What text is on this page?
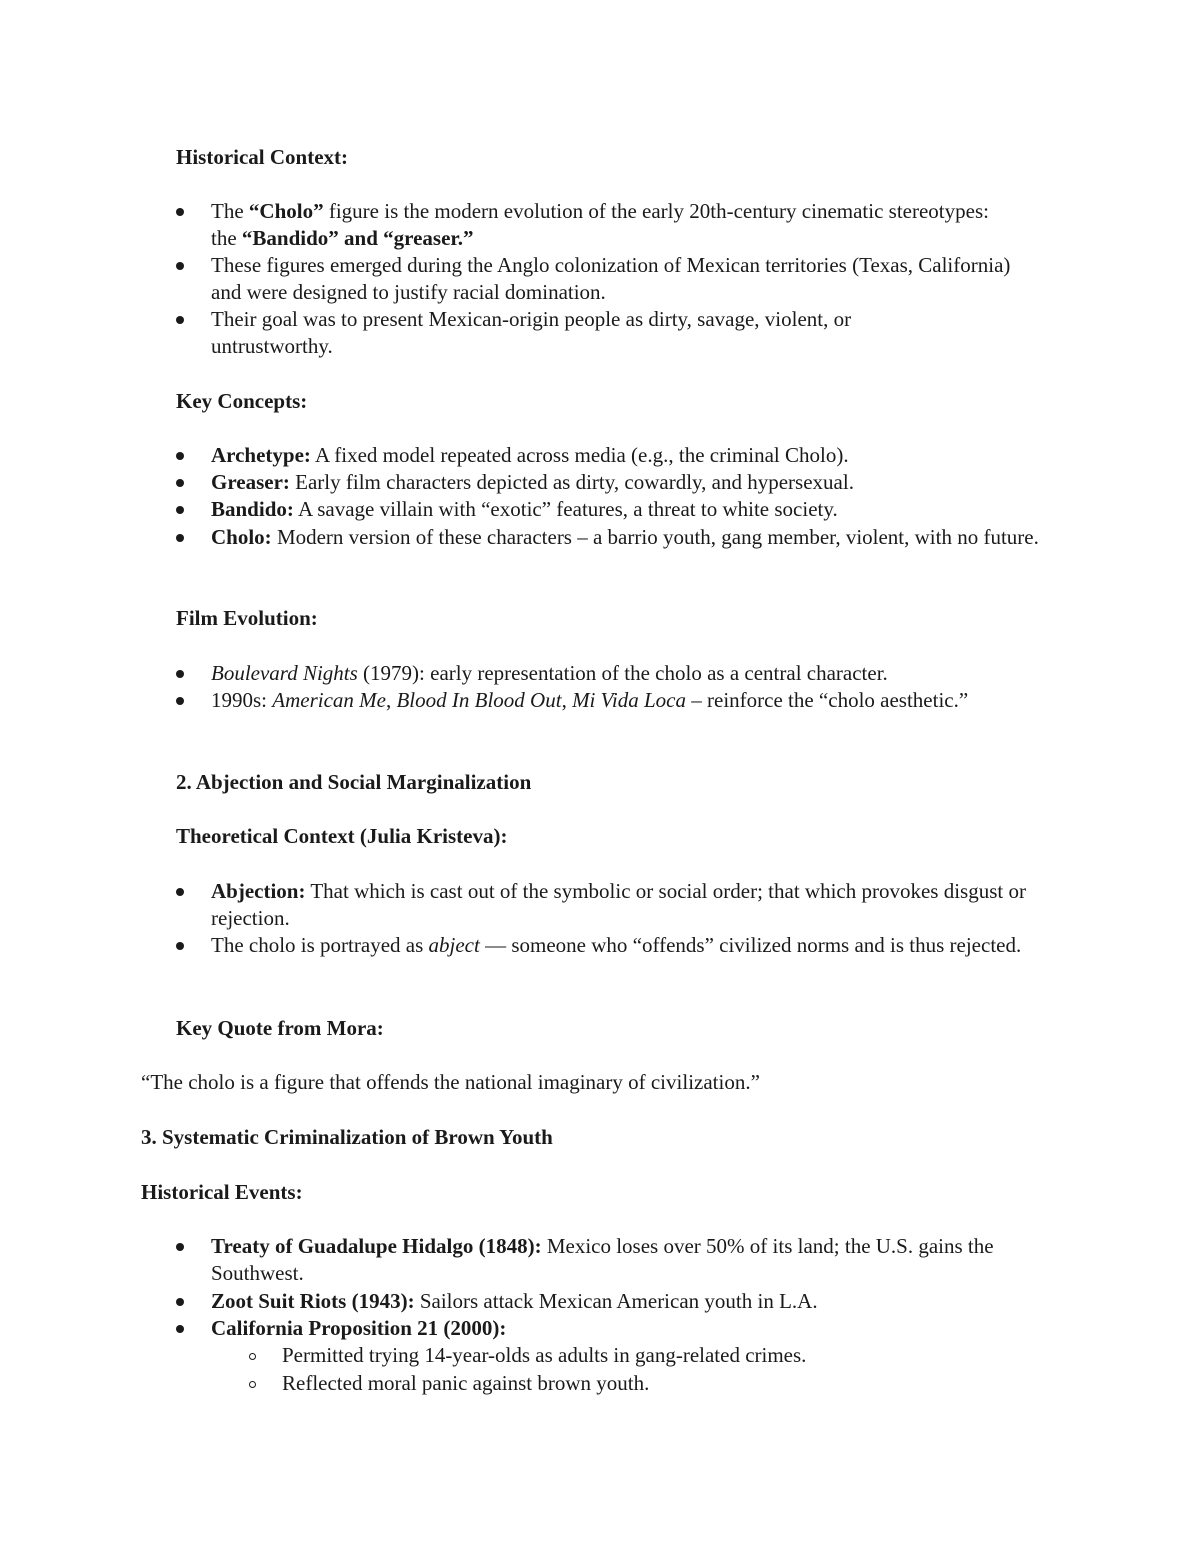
Historical Context:
The “Cholo” figure is the modern evolution of the early 20th-century cinematic stereotypes: the “Bandido” and “greaser.”
These figures emerged during the Anglo colonization of Mexican territories (Texas, California) and were designed to justify racial domination.
Their goal was to present Mexican-origin people as dirty, savage, violent, or untrustworthy.
Key Concepts:
Archetype: A fixed model repeated across media (e.g., the criminal Cholo).
Greaser: Early film characters depicted as dirty, cowardly, and hypersexual.
Bandido: A savage villain with “exotic” features, a threat to white society.
Cholo: Modern version of these characters – a barrio youth, gang member, violent, with no future.
Film Evolution:
Boulevard Nights (1979): early representation of the cholo as a central character.
1990s: American Me, Blood In Blood Out, Mi Vida Loca – reinforce the “cholo aesthetic.”
2. Abjection and Social Marginalization
Theoretical Context (Julia Kristeva):
Abjection: That which is cast out of the symbolic or social order; that which provokes disgust or rejection.
The cholo is portrayed as abject — someone who “offends” civilized norms and is thus rejected.
Key Quote from Mora:
“The cholo is a figure that offends the national imaginary of civilization.”
3. Systematic Criminalization of Brown Youth
Historical Events:
Treaty of Guadalupe Hidalgo (1848): Mexico loses over 50% of its land; the U.S. gains the Southwest.
Zoot Suit Riots (1943): Sailors attack Mexican American youth in L.A.
California Proposition 21 (2000):
Permitted trying 14-year-olds as adults in gang-related crimes.
Reflected moral panic against brown youth.
